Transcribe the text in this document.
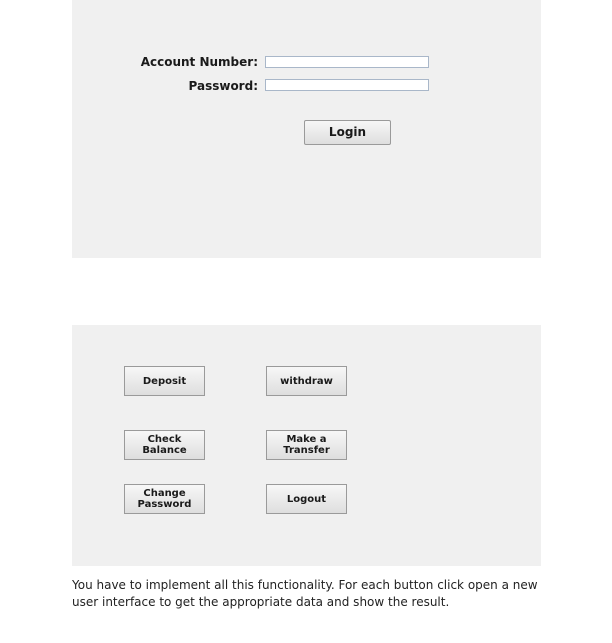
Account Number:
Password:
Login
Deposit	withdraw
Check
Balance
Make a
Transfer
Change
Password	Logout

You have to implement all this functionality. For each button click open a new user interface to get the appropriate data and show the result.
